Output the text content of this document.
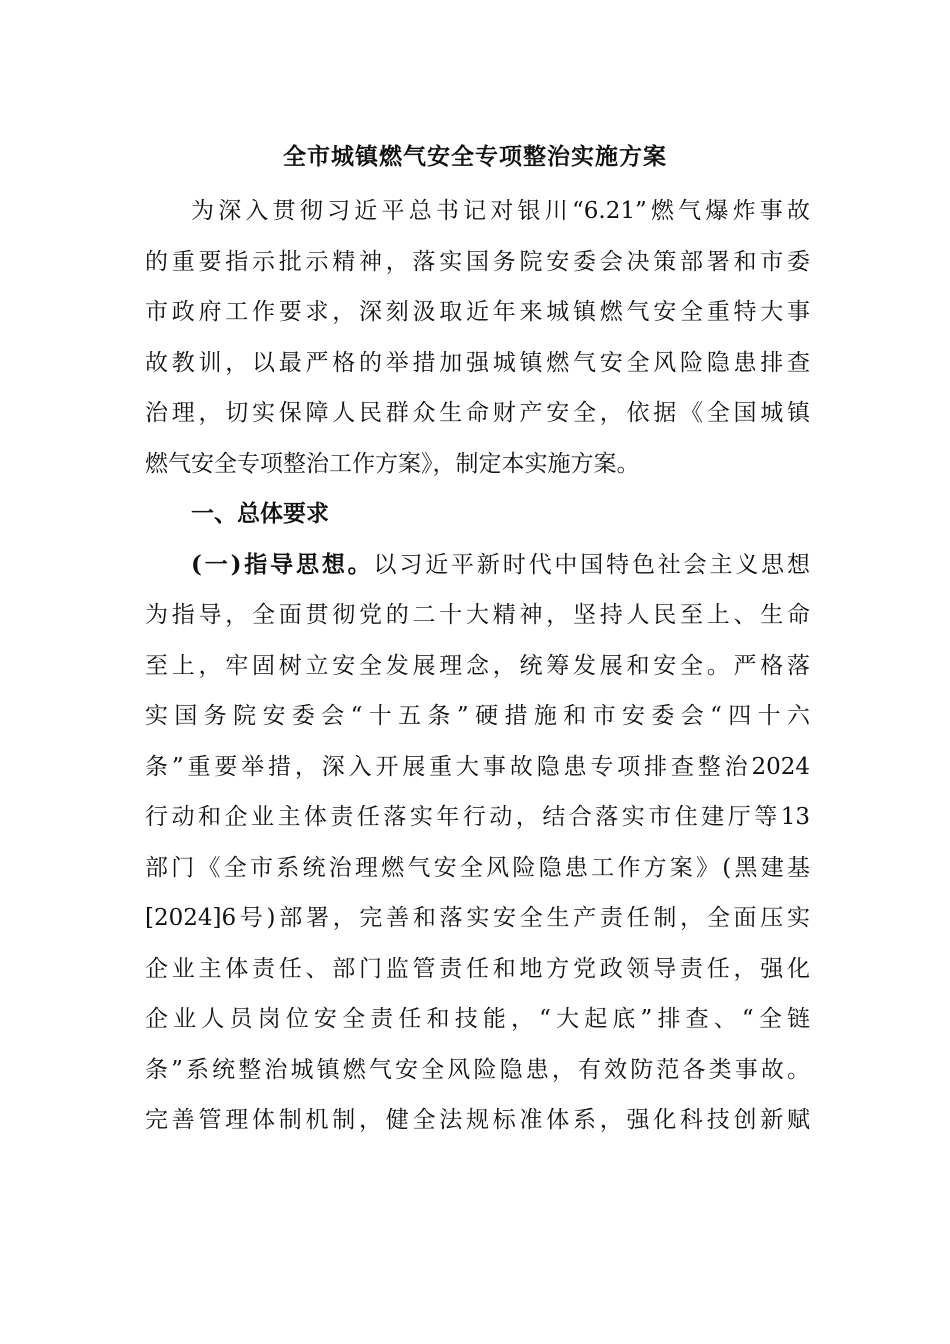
全市城镇燃气安全专项整治实施方案
为深入贯彻习近平总书记对银川“6.21”燃气爆炸事故
的重要指示批示精神，落实国务院安委会决策部署和市委
市政府工作要求，深刻汲取近年来城镇燃气安全重特大事
故教训，以最严格的举措加强城镇燃气安全风险隐患排查
治理，切实保障人民群众生命财产安全，依据《全国城镇
燃气安全专项整治工作方案》，制定本实施方案。
一、总体要求
(一)指导思想。以习近平新时代中国特色社会主义思想
为指导，全面贯彻党的二十大精神，坚持人民至上、生命
至上，牢固树立安全发展理念，统筹发展和安全。严格落
实国务院安委会“十五条”硬措施和市安委会“四十六
条”重要举措，深入开展重大事故隐患专项排查整治2024
行动和企业主体责任落实年行动，结合落实市住建厅等13
部门《全市系统治理燃气安全风险隐患工作方案》(黑建基
[2024]6号)部署，完善和落实安全生产责任制，全面压实
企业主体责任、部门监管责任和地方党政领导责任，强化
企业人员岗位安全责任和技能，“大起底”排查、“全链
条”系统整治城镇燃气安全风险隐患，有效防范各类事故。
完善管理体制机制，健全法规标准体系，强化科技创新赋
